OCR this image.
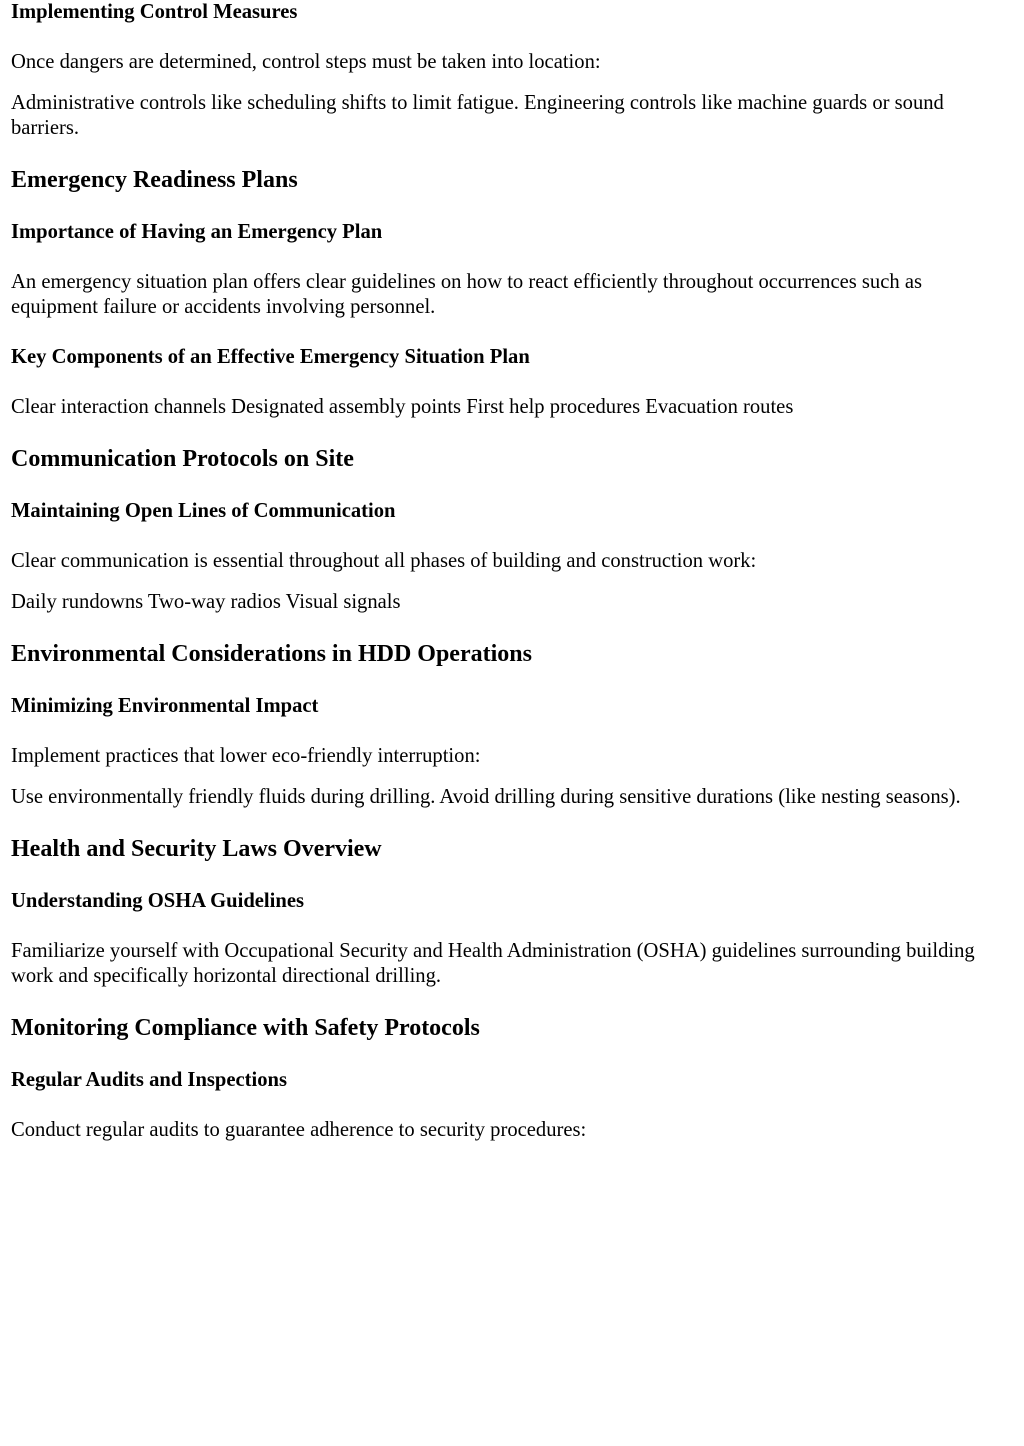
Implementing Control Measures

Once dangers are determined, control steps must be taken into location:

Administrative controls like scheduling shifts to limit fatigue. Engineering controls like machine guards or sound barriers.

Emergency Readiness Plans
Importance of Having an Emergency Plan

An emergency situation plan offers clear guidelines on how to react efficiently throughout occurrences such as equipment failure or accidents involving personnel.

Key Components of an Effective Emergency Situation Plan

Clear interaction channels Designated assembly points First help procedures Evacuation routes

Communication Protocols on Site
Maintaining Open Lines of Communication

Clear communication is essential throughout all phases of building and construction work:

Daily rundowns Two-way radios Visual signals

Environmental Considerations in HDD Operations
Minimizing Environmental Impact

Implement practices that lower eco-friendly interruption:

Use environmentally friendly fluids during drilling. Avoid drilling during sensitive durations (like nesting seasons).

Health and Security Laws Overview
Understanding OSHA Guidelines

Familiarize yourself with Occupational Security and Health Administration (OSHA) guidelines surrounding building work and specifically horizontal directional drilling.

Monitoring Compliance with Safety Protocols
Regular Audits and Inspections

Conduct regular audits to guarantee adherence to security procedures:
